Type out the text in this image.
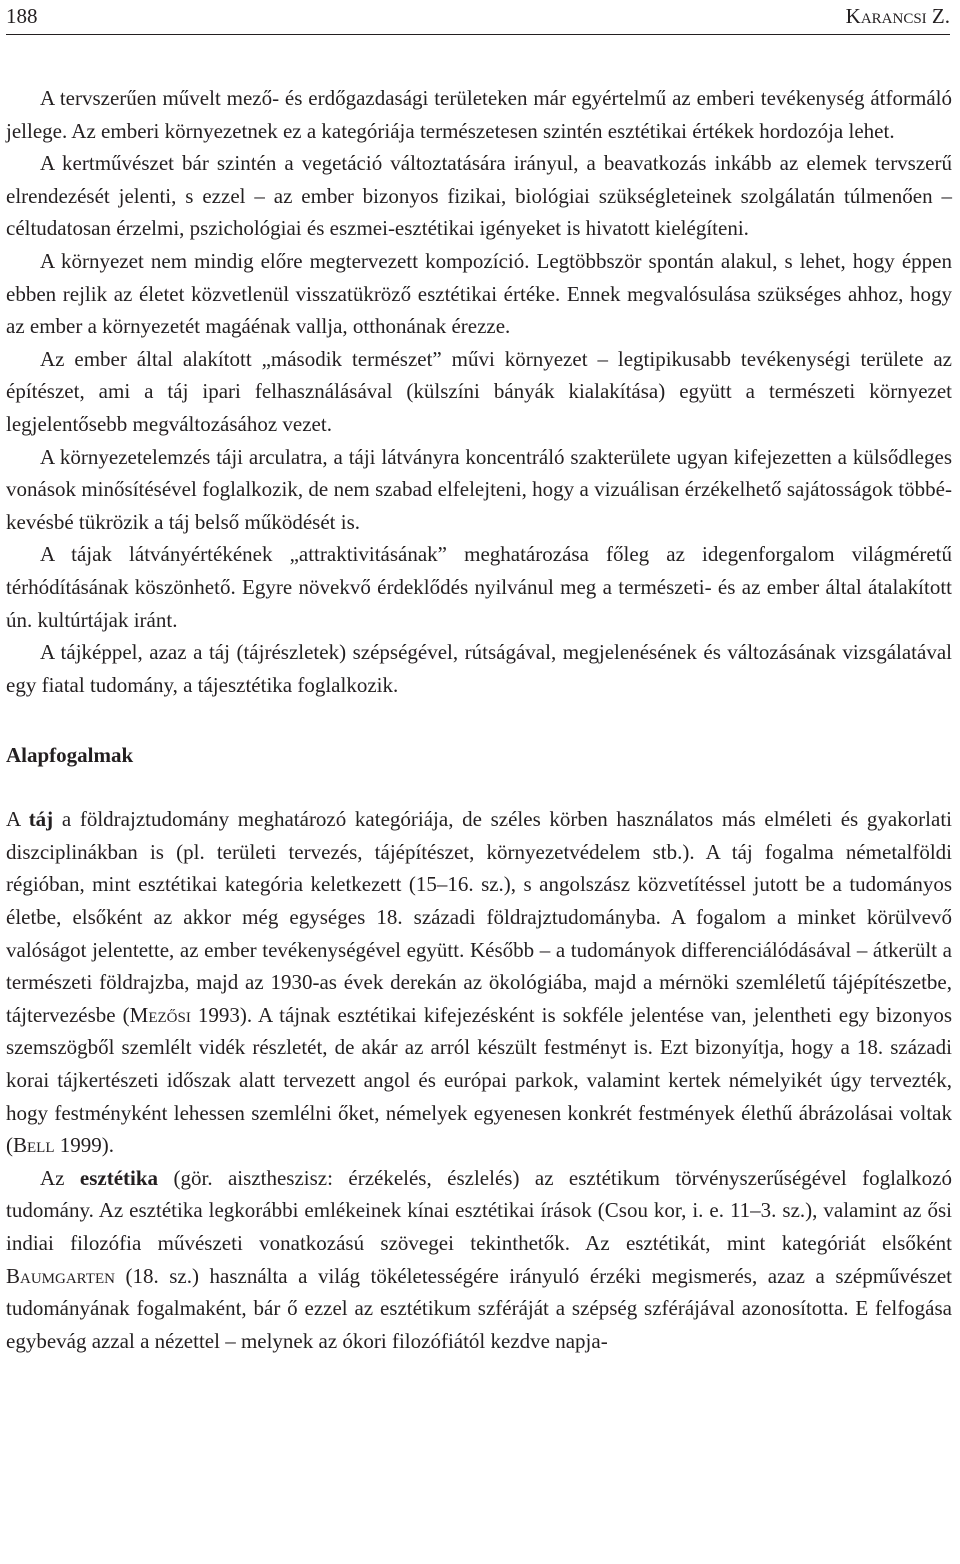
188	Karancsi Z.

A tervszerűen művelt mező- és erdőgazdasági területeken már egyértelmű az emberi tevékenység átformáló jellege. Az emberi környezetnek ez a kategóriája természetesen szintén esztétikai értékek hordozója lehet.

A kertművészet bár szintén a vegetáció változtatására irányul, a beavatkozás inkább az elemek tervszerű elrendezését jelenti, s ezzel – az ember bizonyos fizikai, biológiai szükségleteinek szolgálatán túlmenően – céltudatosan érzelmi, pszichológiai és eszmei-esztétikai igényeket is hivatott kielégíteni.

A környezet nem mindig előre megtervezett kompozíció. Legtöbbször spontán alakul, s lehet, hogy éppen ebben rejlik az életet közvetlenül visszatükröző esztétikai értéke. Ennek megvalósulása szükséges ahhoz, hogy az ember a környezetét magáénak vallja, otthonának érezze.

Az ember által alakított „második természet” művi környezet – legtipikusabb tevékenységi területe az építészet, ami a táj ipari felhasználásával (külszíni bányák kialakítása) együtt a természeti környezet legjelentősebb megváltozásához vezet.

A környezetelemzés táji arculatra, a táji látványra koncentráló szakterülete ugyan kifejezetten a külsődleges vonások minősítésével foglalkozik, de nem szabad elfelejteni, hogy a vizuálisan érzékelhető sajátosságok többé-kevésbé tükrözik a táj belső működését is.

A tájak látványértékének „attraktivitásának” meghatározása főleg az idegenforgalom világméretű térhódításának köszönhető. Egyre növekvő érdeklődés nyilvánul meg a természeti- és az ember által átalakított ún. kultúrtájak iránt.

A tájképpel, azaz a táj (tájrészletek) szépségével, rútságával, megjelenésének és változásának vizsgálatával egy fiatal tudomány, a tájesztétika foglalkozik.

Alapfogalmak

A táj a földrajztudomány meghatározó kategóriája, de széles körben használatos más elméleti és gyakorlati diszciplinákban is (pl. területi tervezés, tájépítészet, környezetvédelem stb.). A táj fogalma németalföldi régióban, mint esztétikai kategória keletkezett (15–16. sz.), s angolszász közvetítéssel jutott be a tudományos életbe, elsőként az akkor még egységes 18. századi földrajztudományba. A fogalom a minket körülvevő valóságot jelentette, az ember tevékenységével együtt. Később – a tudományok differenciálódásával – átkerült a természeti földrajzba, majd az 1930-as évek derekán az ökológiába, majd a mérnöki szemléletű tájépítészetbe, tájtervezésbe (Mezősi 1993). A tájnak esztétikai kifejezésként is sokféle jelentése van, jelentheti egy bizonyos szemszögből szemlélt vidék részletét, de akár az arról készült festményt is. Ezt bizonyítja, hogy a 18. századi korai tájkertészeti időszak alatt tervezett angol és európai parkok, valamint kertek némelyikét úgy tervezték, hogy festményként lehessen szemlélni őket, némelyek egyenesen konkrét festmények élethű ábrázolásai voltak (Bell 1999).

Az esztétika (gör. aisztheszisz: érzékelés, észlelés) az esztétikum törvényszerűségével foglalkozó tudomány. Az esztétika legkorábbi emlékeinek kínai esztétikai írások (Csou kor, i. e. 11–3. sz.), valamint az ősi indiai filozófia művészeti vonatkozású szövegei tekinthetők. Az esztétikát, mint kategóriát elsőként Baumgarten (18. sz.) használta a világ tökéletességére irányuló érzéki megismerés, azaz a szépművészet tudományának fogalmaként, bár ő ezzel az esztétikum szféráját a szépség szférájával azonosította. E felfogása egybevág azzal a nézettel – melynek az ókori filozófiától kezdve napja-
